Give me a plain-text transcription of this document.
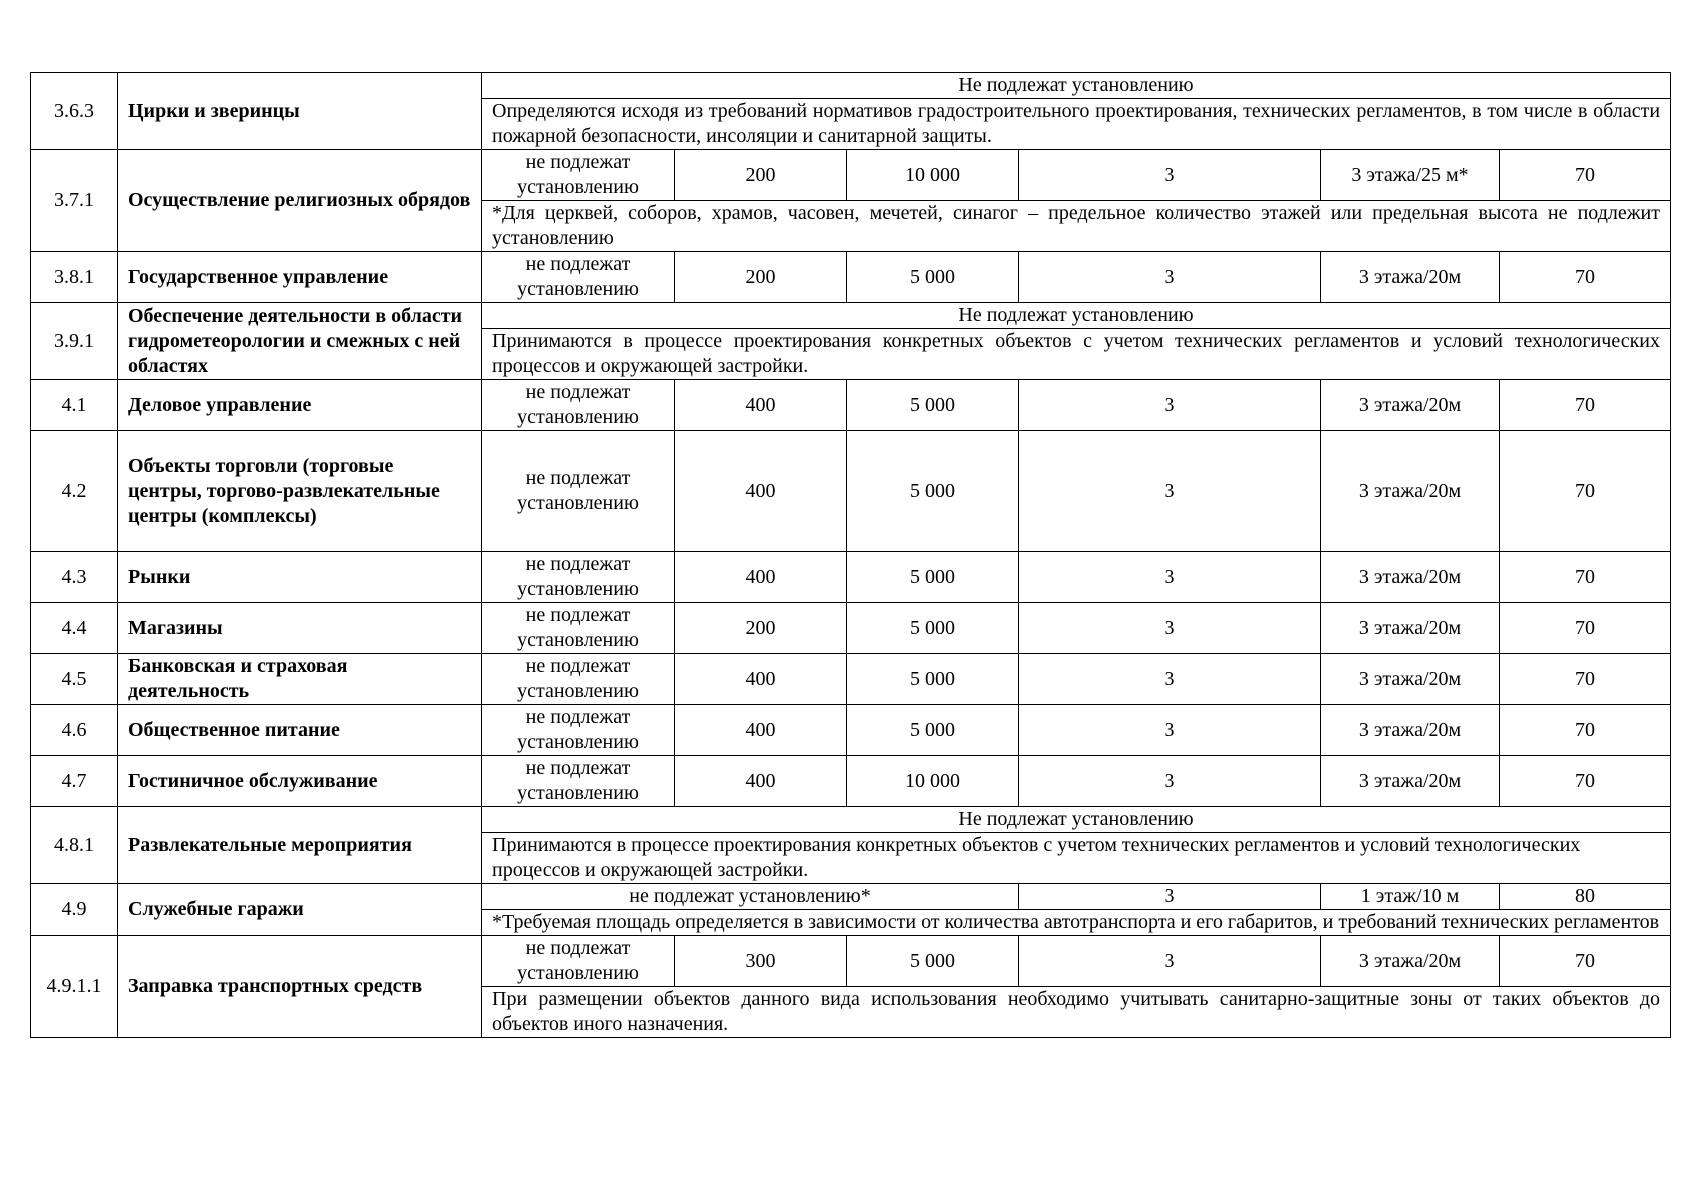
3.6.3	Цирки и зверинцы	Не подлежат установлению					
		Определяются исходя из требований нормативов градостроительного проектирования, технических регламентов, в том числе в области пожарной безопасности, инсоляции и санитарной защиты.					
3.7.1	Осуществление религиозных обрядов	не подлежат установлению	200	10 000	3	3 этажа/25 м*	70
		*Для церквей, соборов, храмов, часовен, мечетей, синагог – предельное количество этажей или предельная высота не подлежит установлению					
3.8.1	Государственное управление	не подлежат установлению	200	5 000	3	3 этажа/20м	70
3.9.1	Обеспечение деятельности в области гидрометеорологии и смежных с ней областях	Не подлежат установлению					
		Принимаются в процессе проектирования конкретных объектов с учетом технических регламентов и условий технологических процессов и окружающей застройки.					
4.1	Деловое управление	не подлежат установлению	400	5 000	3	3 этажа/20м	70
4.2	Объекты торговли (торговые центры, торгово-развлекательные центры (комплексы)	не подлежат установлению	400	5 000	3	3 этажа/20м	70
4.3	Рынки	не подлежат установлению	400	5 000	3	3 этажа/20м	70
4.4	Магазины	не подлежат установлению	200	5 000	3	3 этажа/20м	70
4.5	Банковская и страховая деятельность	не подлежат установлению	400	5 000	3	3 этажа/20м	70
4.6	Общественное питание	не подлежат установлению	400	5 000	3	3 этажа/20м	70
4.7	Гостиничное обслуживание	не подлежат установлению	400	10 000	3	3 этажа/20м	70
4.8.1	Развлекательные мероприятия	Не подлежат установлению					
		Принимаются в процессе проектирования конкретных объектов с учетом технических регламентов и условий технологических процессов и окружающей застройки.					
4.9	Служебные гаражи	не подлежат установлению*			3	1 этаж/10 м	80
		*Требуемая площадь определяется в зависимости от количества автотранспорта и его габаритов, и требований технических регламентов					
4.9.1.1	Заправка транспортных средств	не подлежат установлению	300	5 000	3	3 этажа/20м	70
		При размещении объектов данного вида использования необходимо учитывать санитарно-защитные зоны от таких объектов до объектов иного назначения.					
